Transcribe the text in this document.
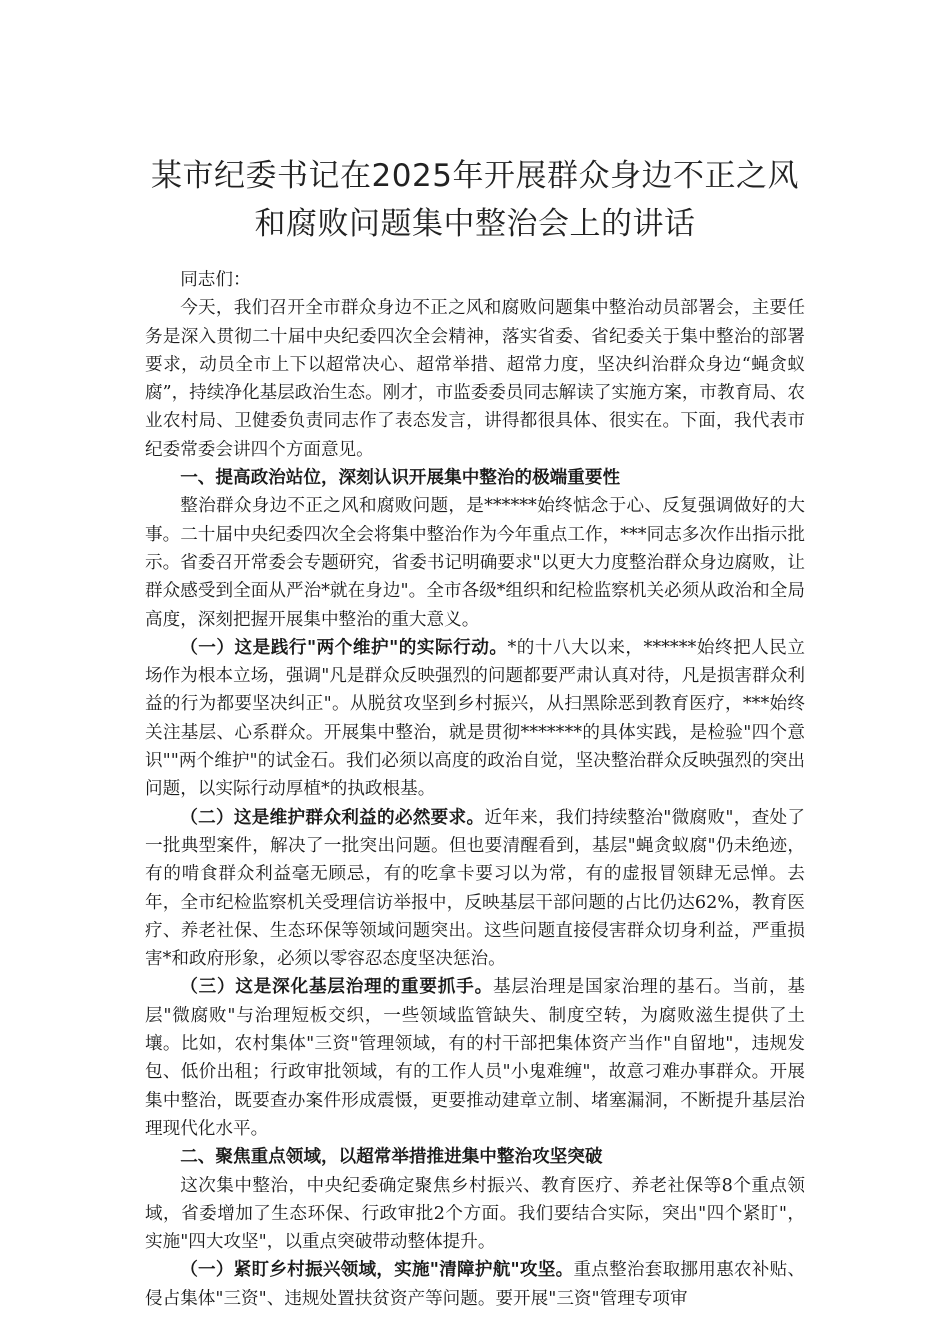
某市纪委书记在2025年开展群众身边不正之风和腐败问题集中整治会上的讲话

同志们：

今天，我们召开全市群众身边不正之风和腐败问题集中整治动员部署会，主要任务是深入贯彻二十届中央纪委四次全会精神，落实省委、省纪委关于集中整治的部署要求，动员全市上下以超常决心、超常举措、超常力度，坚决纠治群众身边“蝇贪蚁腐”，持续净化基层政治生态。刚才，市监委委员同志解读了实施方案，市教育局、农业农村局、卫健委负责同志作了表态发言，讲得都很具体、很实在。下面，我代表市纪委常委会讲四个方面意见。

一、提高政治站位，深刻认识开展集中整治的极端重要性

整治群众身边不正之风和腐败问题，是******始终惦念于心、反复强调做好的大事。二十届中央纪委四次全会将集中整治作为今年重点工作，***同志多次作出指示批示。省委召开常委会专题研究，省委书记明确要求"以更大力度整治群众身边腐败，让群众感受到全面从严治*就在身边"。全市各级*组织和纪检监察机关必须从政治和全局高度，深刻把握开展集中整治的重大意义。

（一）这是践行"两个维护"的实际行动。*的十八大以来，******始终把人民立场作为根本立场，强调"凡是群众反映强烈的问题都要严肃认真对待，凡是损害群众利益的行为都要坚决纠正"。从脱贫攻坚到乡村振兴，从扫黑除恶到教育医疗，***始终关注基层、心系群众。开展集中整治，就是贯彻*******的具体实践，是检验"四个意识""两个维护"的试金石。我们必须以高度的政治自觉，坚决整治群众反映强烈的突出问题，以实际行动厚植*的执政根基。

（二）这是维护群众利益的必然要求。近年来，我们持续整治"微腐败"，查处了一批典型案件，解决了一批突出问题。但也要清醒看到，基层"蝇贪蚁腐"仍未绝迹，有的啃食群众利益毫无顾忌，有的吃拿卡要习以为常，有的虚报冒领肆无忌惮。去年，全市纪检监察机关受理信访举报中，反映基层干部问题的占比仍达62%，教育医疗、养老社保、生态环保等领域问题突出。这些问题直接侵害群众切身利益，严重损害*和政府形象，必须以零容忍态度坚决惩治。

（三）这是深化基层治理的重要抓手。基层治理是国家治理的基石。当前，基层"微腐败"与治理短板交织，一些领域监管缺失、制度空转，为腐败滋生提供了土壤。比如，农村集体"三资"管理领域，有的村干部把集体资产当作"自留地"，违规发包、低价出租；行政审批领域，有的工作人员"小鬼难缠"，故意刁难办事群众。开展集中整治，既要查办案件形成震慑，更要推动建章立制、堵塞漏洞，不断提升基层治理现代化水平。

二、聚焦重点领域，以超常举措推进集中整治攻坚突破

这次集中整治，中央纪委确定聚焦乡村振兴、教育医疗、养老社保等8个重点领域，省委增加了生态环保、行政审批2个方面。我们要结合实际，突出"四个紧盯"，实施"四大攻坚"，以重点突破带动整体提升。

（一）紧盯乡村振兴领域，实施"清障护航"攻坚。重点整治套取挪用惠农补贴、侵占集体"三资"、违规处置扶贫资产等问题。要开展"三资"管理专项审
